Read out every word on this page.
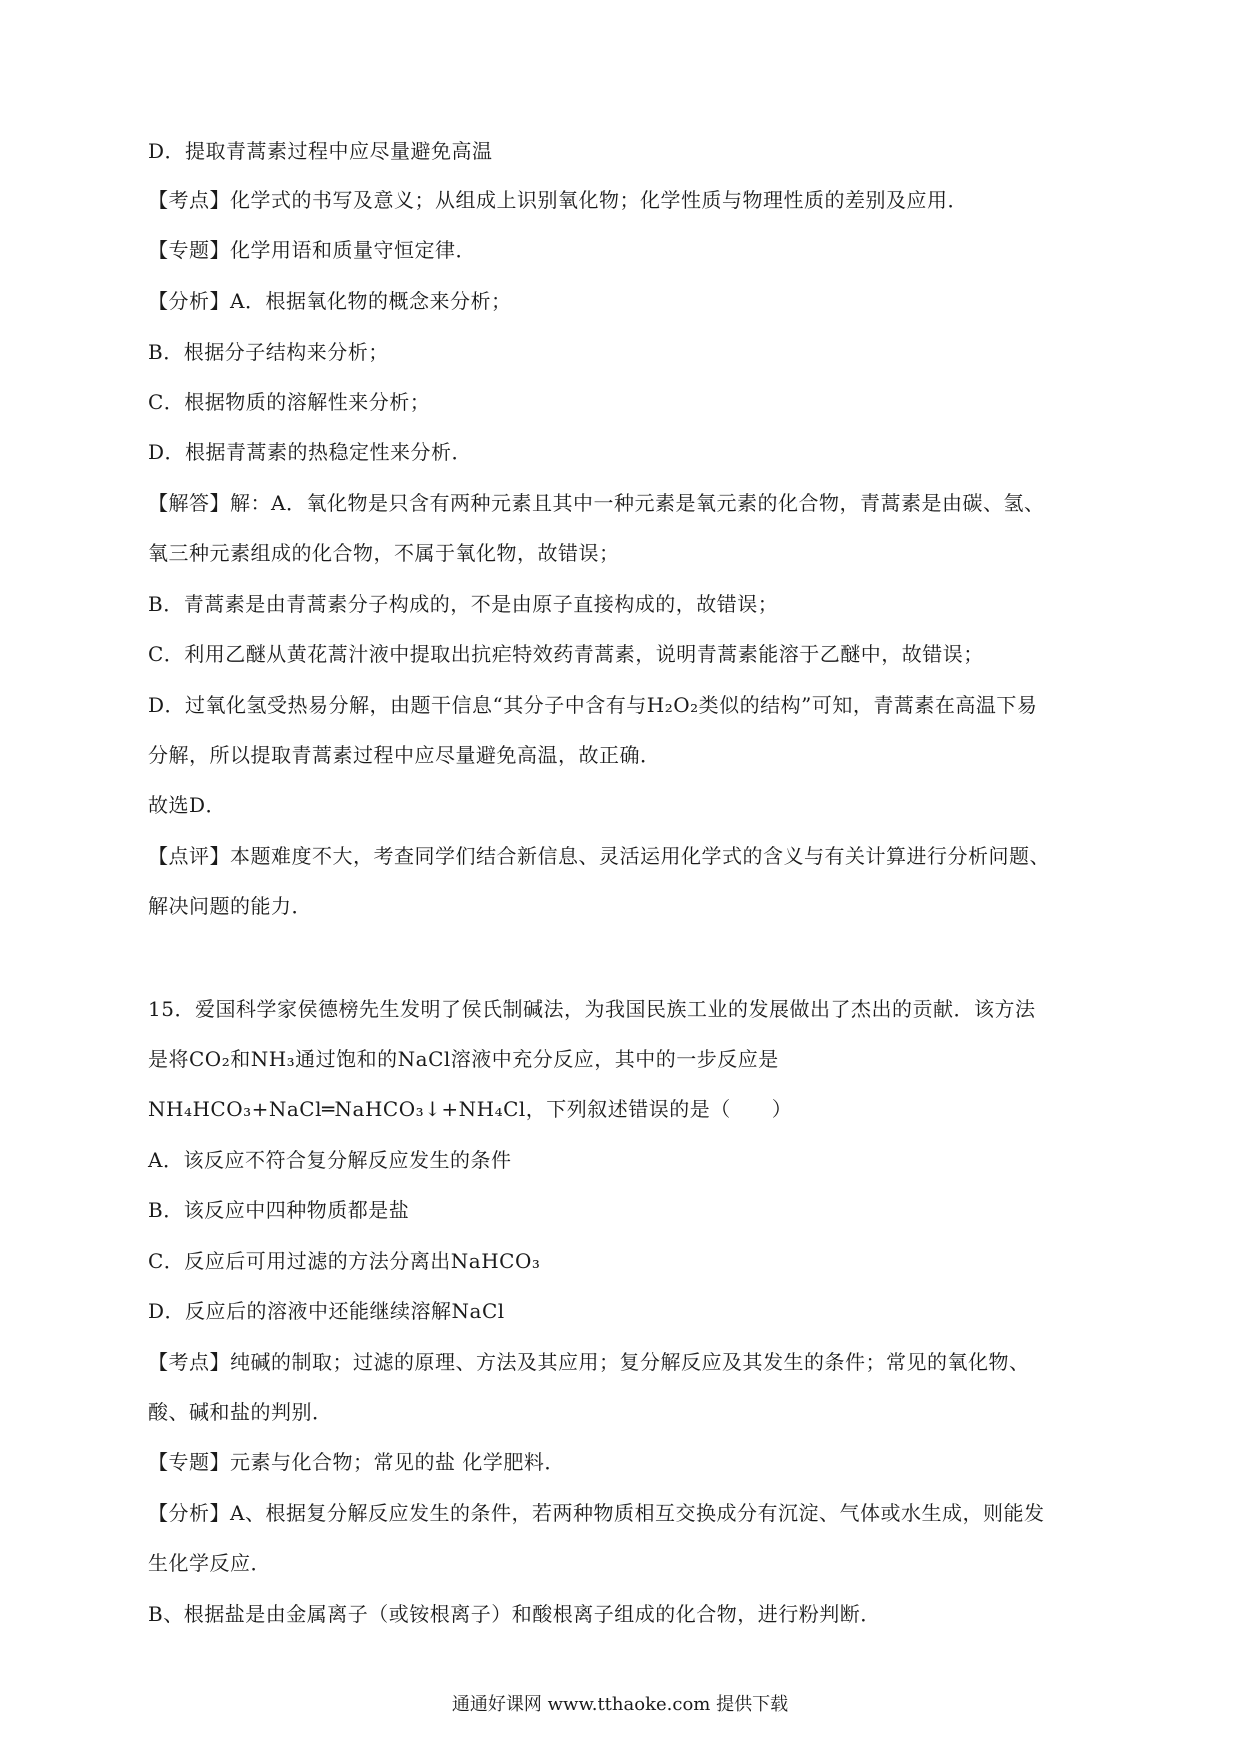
D．提取青蒿素过程中应尽量避免高温
【考点】化学式的书写及意义；从组成上识别氧化物；化学性质与物理性质的差别及应用．
【专题】化学用语和质量守恒定律．
【分析】A．根据氧化物的概念来分析；
B．根据分子结构来分析；
C．根据物质的溶解性来分析；
D．根据青蒿素的热稳定性来分析．
【解答】解：A．氧化物是只含有两种元素且其中一种元素是氧元素的化合物，青蒿素是由碳、氢、
氧三种元素组成的化合物，不属于氧化物，故错误；
B．青蒿素是由青蒿素分子构成的，不是由原子直接构成的，故错误；
C．利用乙醚从黄花蒿汁液中提取出抗疟特效药青蒿素，说明青蒿素能溶于乙醚中，故错误；
D．过氧化氢受热易分解，由题干信息“其分子中含有与H₂O₂类似的结构”可知，青蒿素在高温下易
分解，所以提取青蒿素过程中应尽量避免高温，故正确．
故选D．
【点评】本题难度不大，考查同学们结合新信息、灵活运用化学式的含义与有关计算进行分析问题、
解决问题的能力．
15．爱国科学家侯德榜先生发明了侯氏制碱法，为我国民族工业的发展做出了杰出的贡献．该方法
是将CO₂和NH₃通过饱和的NaCl溶液中充分反应，其中的一步反应是
NH₄HCO₃+NaCl═NaHCO₃↓+NH₄Cl，下列叙述错误的是（　　）
A．该反应不符合复分解反应发生的条件
B．该反应中四种物质都是盐
C．反应后可用过滤的方法分离出NaHCO₃
D．反应后的溶液中还能继续溶解NaCl
【考点】纯碱的制取；过滤的原理、方法及其应用；复分解反应及其发生的条件；常见的氧化物、
酸、碱和盐的判别．
【专题】元素与化合物；常见的盐 化学肥料．
【分析】A、根据复分解反应发生的条件，若两种物质相互交换成分有沉淀、气体或水生成，则能发
生化学反应．
B、根据盐是由金属离子（或铵根离子）和酸根离子组成的化合物，进行粉判断．
通通好课网 www.tthaoke.com 提供下载
